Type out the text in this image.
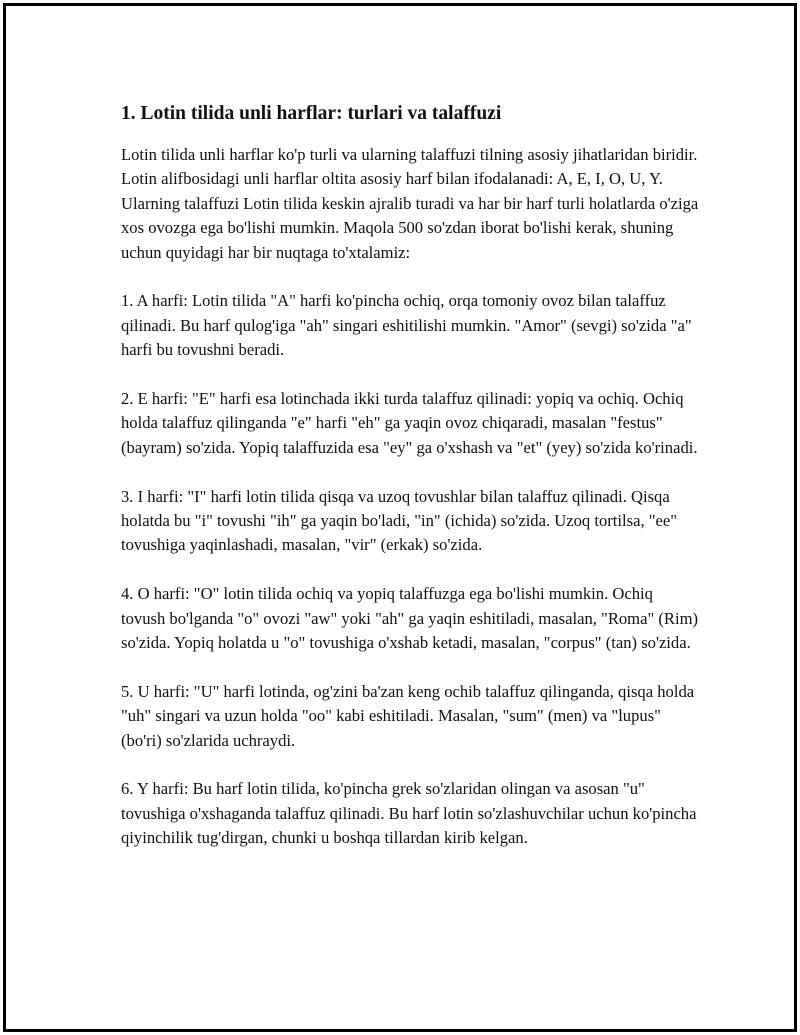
1. Lotin tilida unli harflar: turlari va talaffuzi

Lotin tilida unli harflar ko'p turli va ularning talaffuzi tilning asosiy jihatlaridan biridir. Lotin alifbosidagi unli harflar oltita asosiy harf bilan ifodalanadi: A, E, I, O, U, Y. Ularning talaffuzi Lotin tilida keskin ajralib turadi va har bir harf turli holatlarda o'ziga xos ovozga ega bo'lishi mumkin. Maqola 500 so'zdan iborat bo'lishi kerak, shuning uchun quyidagi har bir nuqtaga to'xtalamiz:

1. A harfi: Lotin tilida "A" harfi ko'pincha ochiq, orqa tomoniy ovoz bilan talaffuz qilinadi. Bu harf qulog'iga "ah" singari eshitilishi mumkin. "Amor" (sevgi) so'zida "a" harfi bu tovushni beradi.

2. E harfi: "E" harfi esa lotinchada ikki turda talaffuz qilinadi: yopiq va ochiq. Ochiq holda talaffuz qilinganda "e" harfi "eh" ga yaqin ovoz chiqaradi, masalan "festus" (bayram) so'zida. Yopiq talaffuzida esa "ey" ga o'xshash va "et" (yey) so'zida ko'rinadi.

3. I harfi: "I" harfi lotin tilida qisqa va uzoq tovushlar bilan talaffuz qilinadi. Qisqa holatda bu "i" tovushi "ih" ga yaqin bo'ladi, "in" (ichida) so'zida. Uzoq tortilsa, "ee" tovushiga yaqinlashadi, masalan, "vir" (erkak) so'zida.

4. O harfi: "O" lotin tilida ochiq va yopiq talaffuzga ega bo'lishi mumkin. Ochiq tovush bo'lganda "o" ovozi "aw" yoki "ah" ga yaqin eshitiladi, masalan, "Roma" (Rim) so'zida. Yopiq holatda u "o" tovushiga o'xshab ketadi, masalan, "corpus" (tan) so'zida.

5. U harfi: "U" harfi lotinda, og'zini ba'zan keng ochib talaffuz qilinganda, qisqa holda "uh" singari va uzun holda "oo" kabi eshitiladi. Masalan, "sum" (men) va "lupus" (bo'ri) so'zlarida uchraydi.

6. Y harfi: Bu harf lotin tilida, ko'pincha grek so'zlaridan olingan va asosan "u" tovushiga o'xshaganda talaffuz qilinadi. Bu harf lotin so'zlashuvchilar uchun ko'pincha qiyinchilik tug'dirgan, chunki u boshqa tillardan kirib kelgan.
